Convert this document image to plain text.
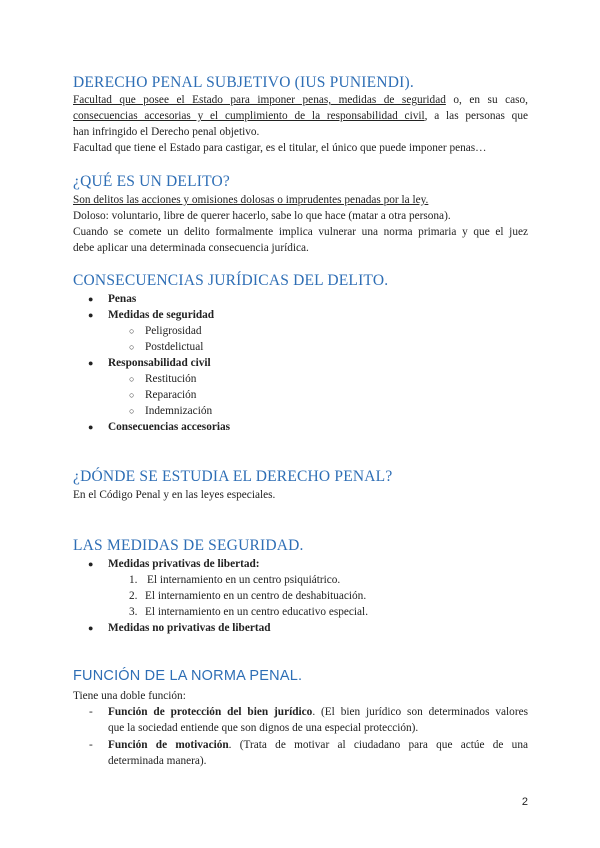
DERECHO PENAL SUBJETIVO (IUS PUNIENDI).

Facultad que posee el Estado para imponer penas, medidas de seguridad o, en su caso,

consecuencias accesorias y el cumplimiento de la responsabilidad civil, a las personas que

han infringido el Derecho penal objetivo.

Facultad que tiene el Estado para castigar, es el titular, el único que puede imponer penas…

¿QUÉ ES UN DELITO?

Son delitos las acciones y omisiones dolosas o imprudentes penadas por la ley.

Doloso: voluntario, libre de querer hacerlo, sabe lo que hace (matar a otra persona).

Cuando se comete un delito formalmente implica vulnerar una norma primaria y que el juez

debe aplicar una determinada consecuencia jurídica.

CONSECUENCIAS JURÍDICAS DEL DELITO.
● Penas
● Medidas de seguridad
○ Peligrosidad
○ Postdelictual
● Responsabilidad civil
○ Restitución
○ Reparación
○ Indemnización
● Consecuencias accesorias
¿DÓNDE SE ESTUDIA EL DERECHO PENAL?

En el Código Penal y en las leyes especiales.

LAS MEDIDAS DE SEGURIDAD.
● Medidas privativas de libertad:
1. El internamiento en un centro psiquiátrico.
2. El internamiento en un centro de deshabituación.
3. El internamiento en un centro educativo especial.
● Medidas no privativas de libertad
FUNCIÓN DE LA NORMA PENAL.

Tiene una doble función:

- Función de protección del bien jurídico. (El bien jurídico son determinados valores

que la sociedad entiende que son dignos de una especial protección).

- Función de motivación. (Trata de motivar al ciudadano para que actúe de una

determinada manera).

2
